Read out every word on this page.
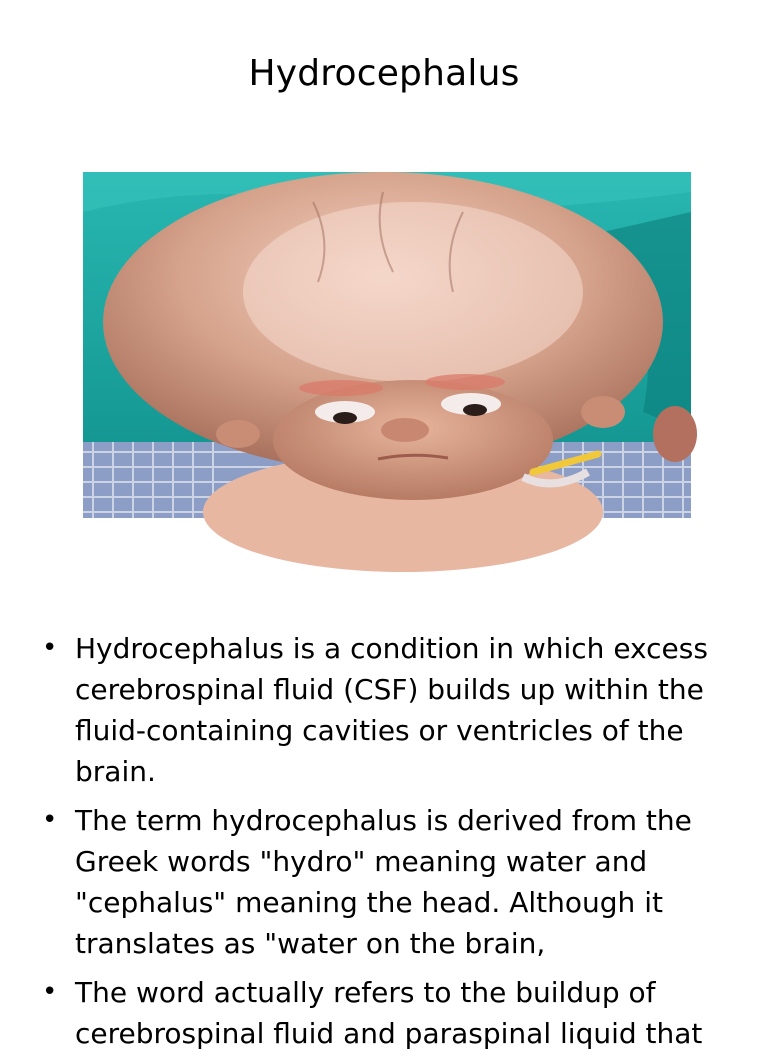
Hydrocephalus
• Hydrocephalus is a condition in which excess cerebrospinal fluid (CSF) builds up within the fluid-containing cavities or ventricles of the brain.
• The term hydrocephalus is derived from the Greek words "hydro" meaning water and "cephalus" meaning the head. Although it translates as "water on the brain,
• The word actually refers to the buildup of cerebrospinal fluid and paraspinal liquid that
